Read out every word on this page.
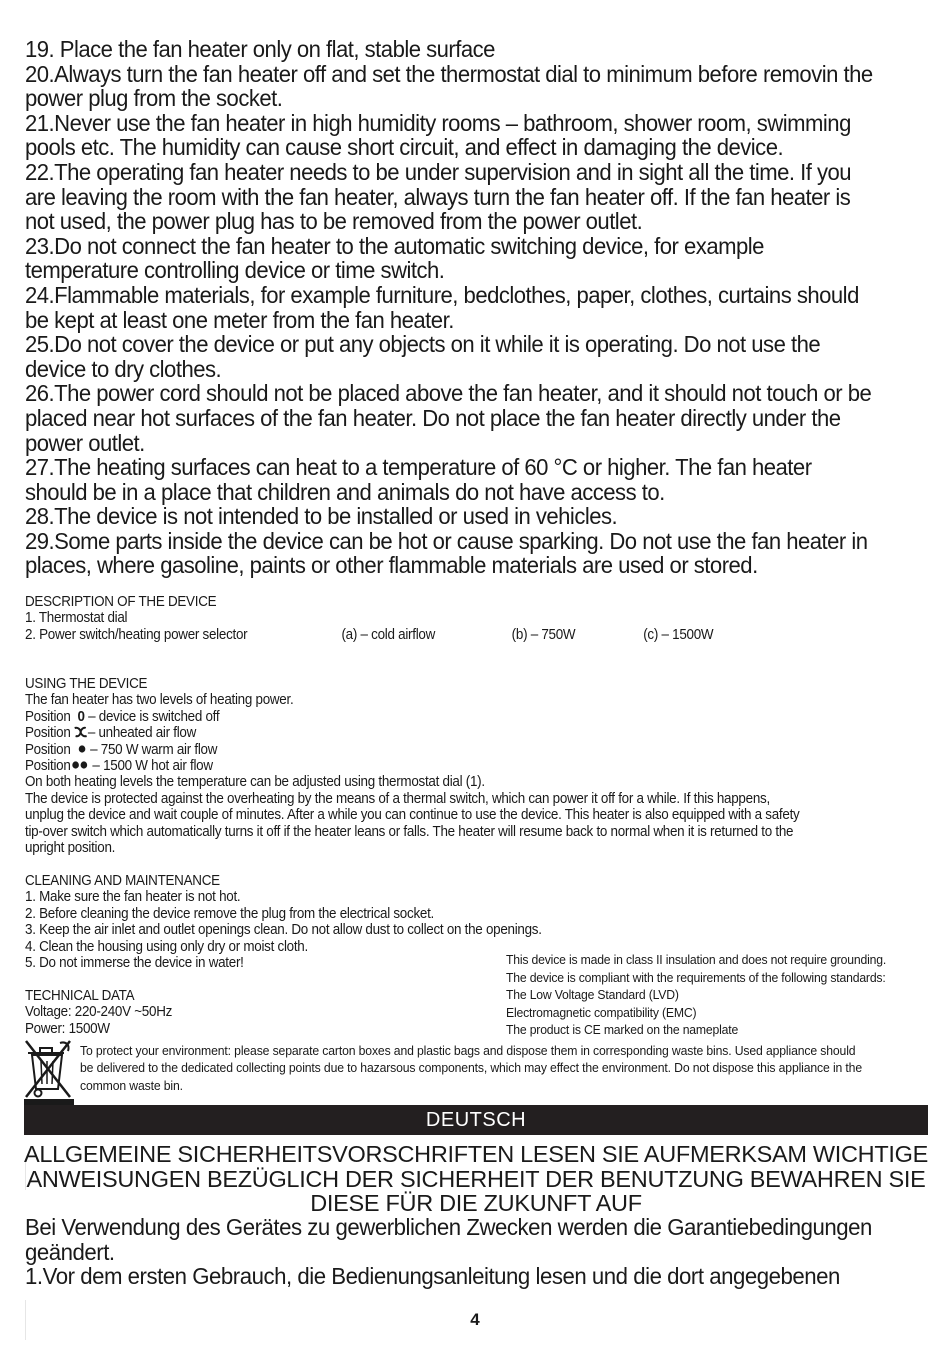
19. Place the fan heater only on flat, stable surface

20.Always turn the fan heater off and set the thermostat dial to minimum before removin the power plug from the socket.

21.Never use the fan heater in high humidity rooms – bathroom, shower room, swimming pools etc. The humidity can cause short circuit, and effect in damaging the device.

22.The operating fan heater needs to be under supervision and in sight all the time. If you are leaving the room with the fan heater, always turn the fan heater off. If the fan heater is not used, the power plug has to be removed from the power outlet.

23.Do not connect the fan heater to the automatic switching device, for example temperature controlling device or time switch.

24.Flammable materials, for example furniture, bedclothes, paper, clothes, curtains should be kept at least one meter from the fan heater.

25.Do not cover the device or put any objects on it while it is operating. Do not use the device to dry clothes.

26.The power cord should not be placed above the fan heater, and it should not touch or be placed near hot surfaces of the fan heater. Do not place the fan heater directly under the power outlet.

27.The heating surfaces can heat to a temperature of 60 °C or higher. The fan heater should be in a place that children and animals do not have access to.

28.The device is not intended to be installed or used in vehicles.

29.Some parts inside the device can be hot or cause sparking. Do not use the fan heater in places, where gasoline, paints or other flammable materials are used or stored.

DESCRIPTION OF THE DEVICE

1. Thermostat dial

2. Power switch/heating power selector	(a) – cold airflow	(b) – 750W	(c) – 1500W

USING THE DEVICE

The fan heater has two levels of heating power.

Position 0 – device is switched off

Position – unheated air flow

Position – 750 W warm air flow

Position – 1500 W hot air flow

On both heating levels the temperature can be adjusted using thermostat dial (1).

The device is protected against the overheating by the means of a thermal switch, which can power it off for a while. If this happens,

unplug the device and wait couple of minutes. After a while you can continue to use the device. This heater is also equipped with a safety

tip-over switch which automatically turns it off if the heater leans or falls. The heater will resume back to normal when it is returned to the

upright position.

CLEANING AND MAINTENANCE

1. Make sure the fan heater is not hot.

2. Before cleaning the device remove the plug from the electrical socket.

3. Keep the air inlet and outlet openings clean. Do not allow dust to collect on the openings.

4. Clean the housing using only dry or moist cloth.

5. Do not immerse the device in water!

TECHNICAL DATA

Voltage: 220-240V ~50Hz

Power: 1500W

This device is made in class II insulation and does not require grounding.

The device is compliant with the requirements of the following standards:

The Low Voltage Standard (LVD)

Electromagnetic compatibility (EMC)

The product is CE marked on the nameplate

To protect your environment: please separate carton boxes and plastic bags and dispose them in corresponding waste bins. Used appliance should
be delivered to the dedicated collecting points due to hazarsous components, which may effect the environment. Do not dispose this appliance in the
common waste bin.
DEUTSCH

ALLGEMEINE SICHERHEITSVORSCHRIFTEN LESEN SIE AUFMERKSAM WICHTIGE

ANWEISUNGEN BEZÜGLICH DER SICHERHEIT DER BENUTZUNG BEWAHREN SIE

DIESE FÜR DIE ZUKUNFT AUF

Bei Verwendung des Gerätes zu gewerblichen Zwecken werden die Garantiebedingungen geändert.

1.Vor dem ersten Gebrauch, die Bedienungsanleitung lesen und die dort angegebenen

4
